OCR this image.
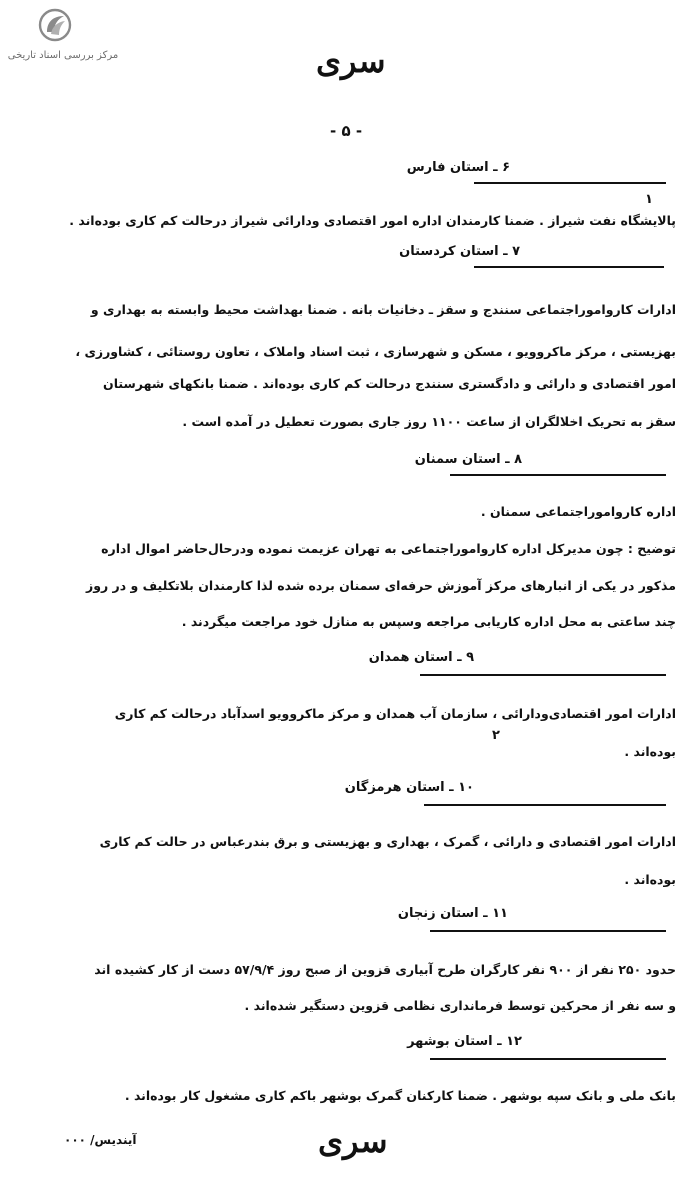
مرکز بررسی اسناد تاریخی	سری
- ۵ -
۶ ـ استان فارس
۱
پالایشگاه نفت شیراز . ضمنا کارمندان اداره امور اقتصادی ودارائی شیراز درحالت کم کاری بوده‌اند .
۷ ـ استان کردستان
ادارات کارواموراجتماعی سنندج و سقز ـ دخانیات بانه . ضمنا بهداشت محیط وابسته به بهداری و
بهزیستی ، مرکز ماکروویو ، مسکن و شهرسازی ، ثبت اسناد واملاک ، تعاون روستائی ، کشاورزی ،
امور اقتصادی و دارائی و دادگستری سنندج درحالت کم کاری بوده‌اند . ضمنا بانکهای شهرستان
سقز به تحریک اخلالگران از ساعت ۱۱۰۰ روز جاری بصورت تعطیل در آمده است .
۸ ـ استان سمنان
اداره کارواموراجتماعی سمنان .
توضیح : چون مدیرکل اداره کارواموراجتماعی به تهران عزیمت نموده ودرحال‌حاضر اموال اداره
مذکور در یکی از انبارهای مرکز آموزش حرفه‌ای سمنان برده شده لذا کارمندان بلاتکلیف و در روز
چند ساعتی به محل اداره کاریابی مراجعه وسپس به منازل خود مراجعت میگردند .
۹ ـ استان همدان
ادارات امور اقتصادی‌ودارائی ، سازمان آب همدان و مرکز ماکروویو اسدآباد درحالت کم کاری
۲
بوده‌اند .
۱۰ ـ استان هرمزگان
ادارات امور اقتصادی و دارائی ، گمرک ، بهداری و بهزیستی و برق بندرعباس در حالت کم کاری
بوده‌اند .
۱۱ ـ استان زنجان
حدود ۲۵۰ نفر از ۹۰۰ نفر کارگران طرح آبیاری قزوین از صبح روز ۵۷/۹/۴ دست از کار کشیده اند
و سه نفر از محرکین توسط فرمانداری نظامی قزوین دستگیر شده‌اند .
۱۲ ـ استان بوشهر
بانک ملی و بانک سپه بوشهر . ضمنا کارکنان گمرک بوشهر باکم کاری مشغول کار بوده‌اند .
آیندیس/ ۰۰۰	سری
